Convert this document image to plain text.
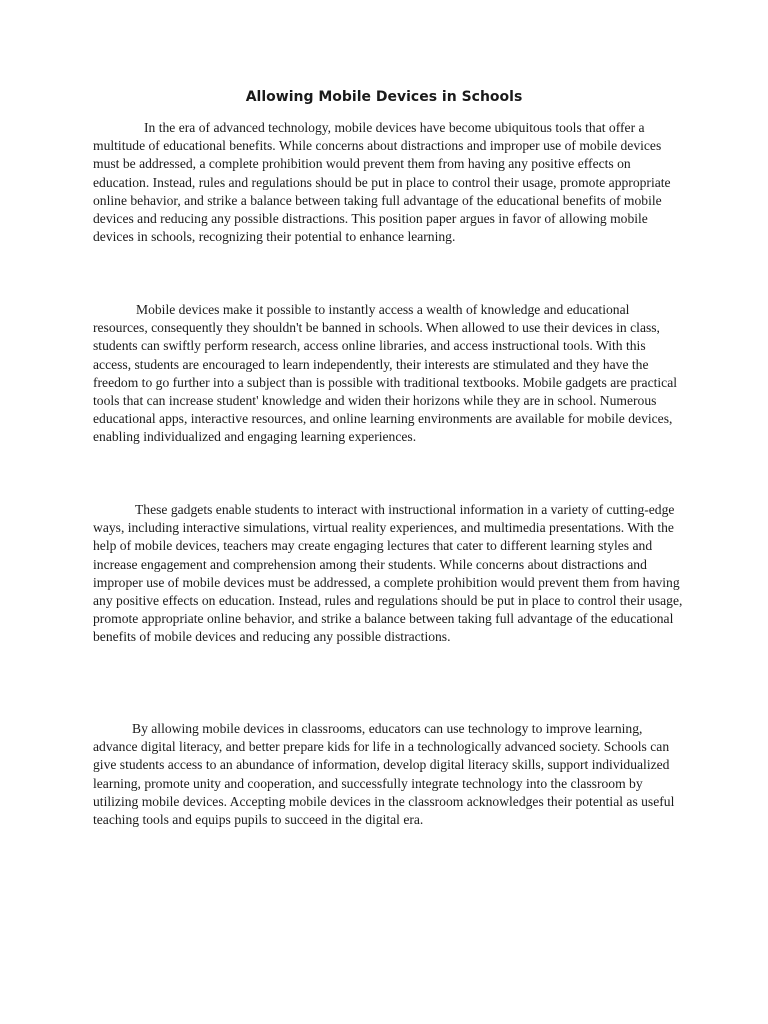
Allowing Mobile Devices in Schools

In the era of advanced technology, mobile devices have become ubiquitous tools that offer a multitude of educational benefits. While concerns about distractions and improper use of mobile devices must be addressed, a complete prohibition would prevent them from having any positive effects on education. Instead, rules and regulations should be put in place to control their usage, promote appropriate online behavior, and strike a balance between taking full advantage of the educational benefits of mobile devices and reducing any possible distractions. This position paper argues in favor of allowing mobile devices in schools, recognizing their potential to enhance learning.

Mobile devices make it possible to instantly access a wealth of knowledge and educational resources, consequently they shouldn't be banned in schools. When allowed to use their devices in class, students can swiftly perform research, access online libraries, and access instructional tools. With this access, students are encouraged to learn independently, their interests are stimulated and they have the freedom to go further into a subject than is possible with traditional textbooks. Mobile gadgets are practical tools that can increase student' knowledge and widen their horizons while they are in school. Numerous educational apps, interactive resources, and online learning environments are available for mobile devices, enabling individualized and engaging learning experiences.

These gadgets enable students to interact with instructional information in a variety of cutting-edge ways, including interactive simulations, virtual reality experiences, and multimedia presentations. With the help of mobile devices, teachers may create engaging lectures that cater to different learning styles and increase engagement and comprehension among their students. While concerns about distractions and improper use of mobile devices must be addressed, a complete prohibition would prevent them from having any positive effects on education. Instead, rules and regulations should be put in place to control their usage, promote appropriate online behavior, and strike a balance between taking full advantage of the educational benefits of mobile devices and reducing any possible distractions.

By allowing mobile devices in classrooms, educators can use technology to improve learning, advance digital literacy, and better prepare kids for life in a technologically advanced society. Schools can give students access to an abundance of information, develop digital literacy skills, support individualized learning, promote unity and cooperation, and successfully integrate technology into the classroom by utilizing mobile devices. Accepting mobile devices in the classroom acknowledges their potential as useful teaching tools and equips pupils to succeed in the digital era.
